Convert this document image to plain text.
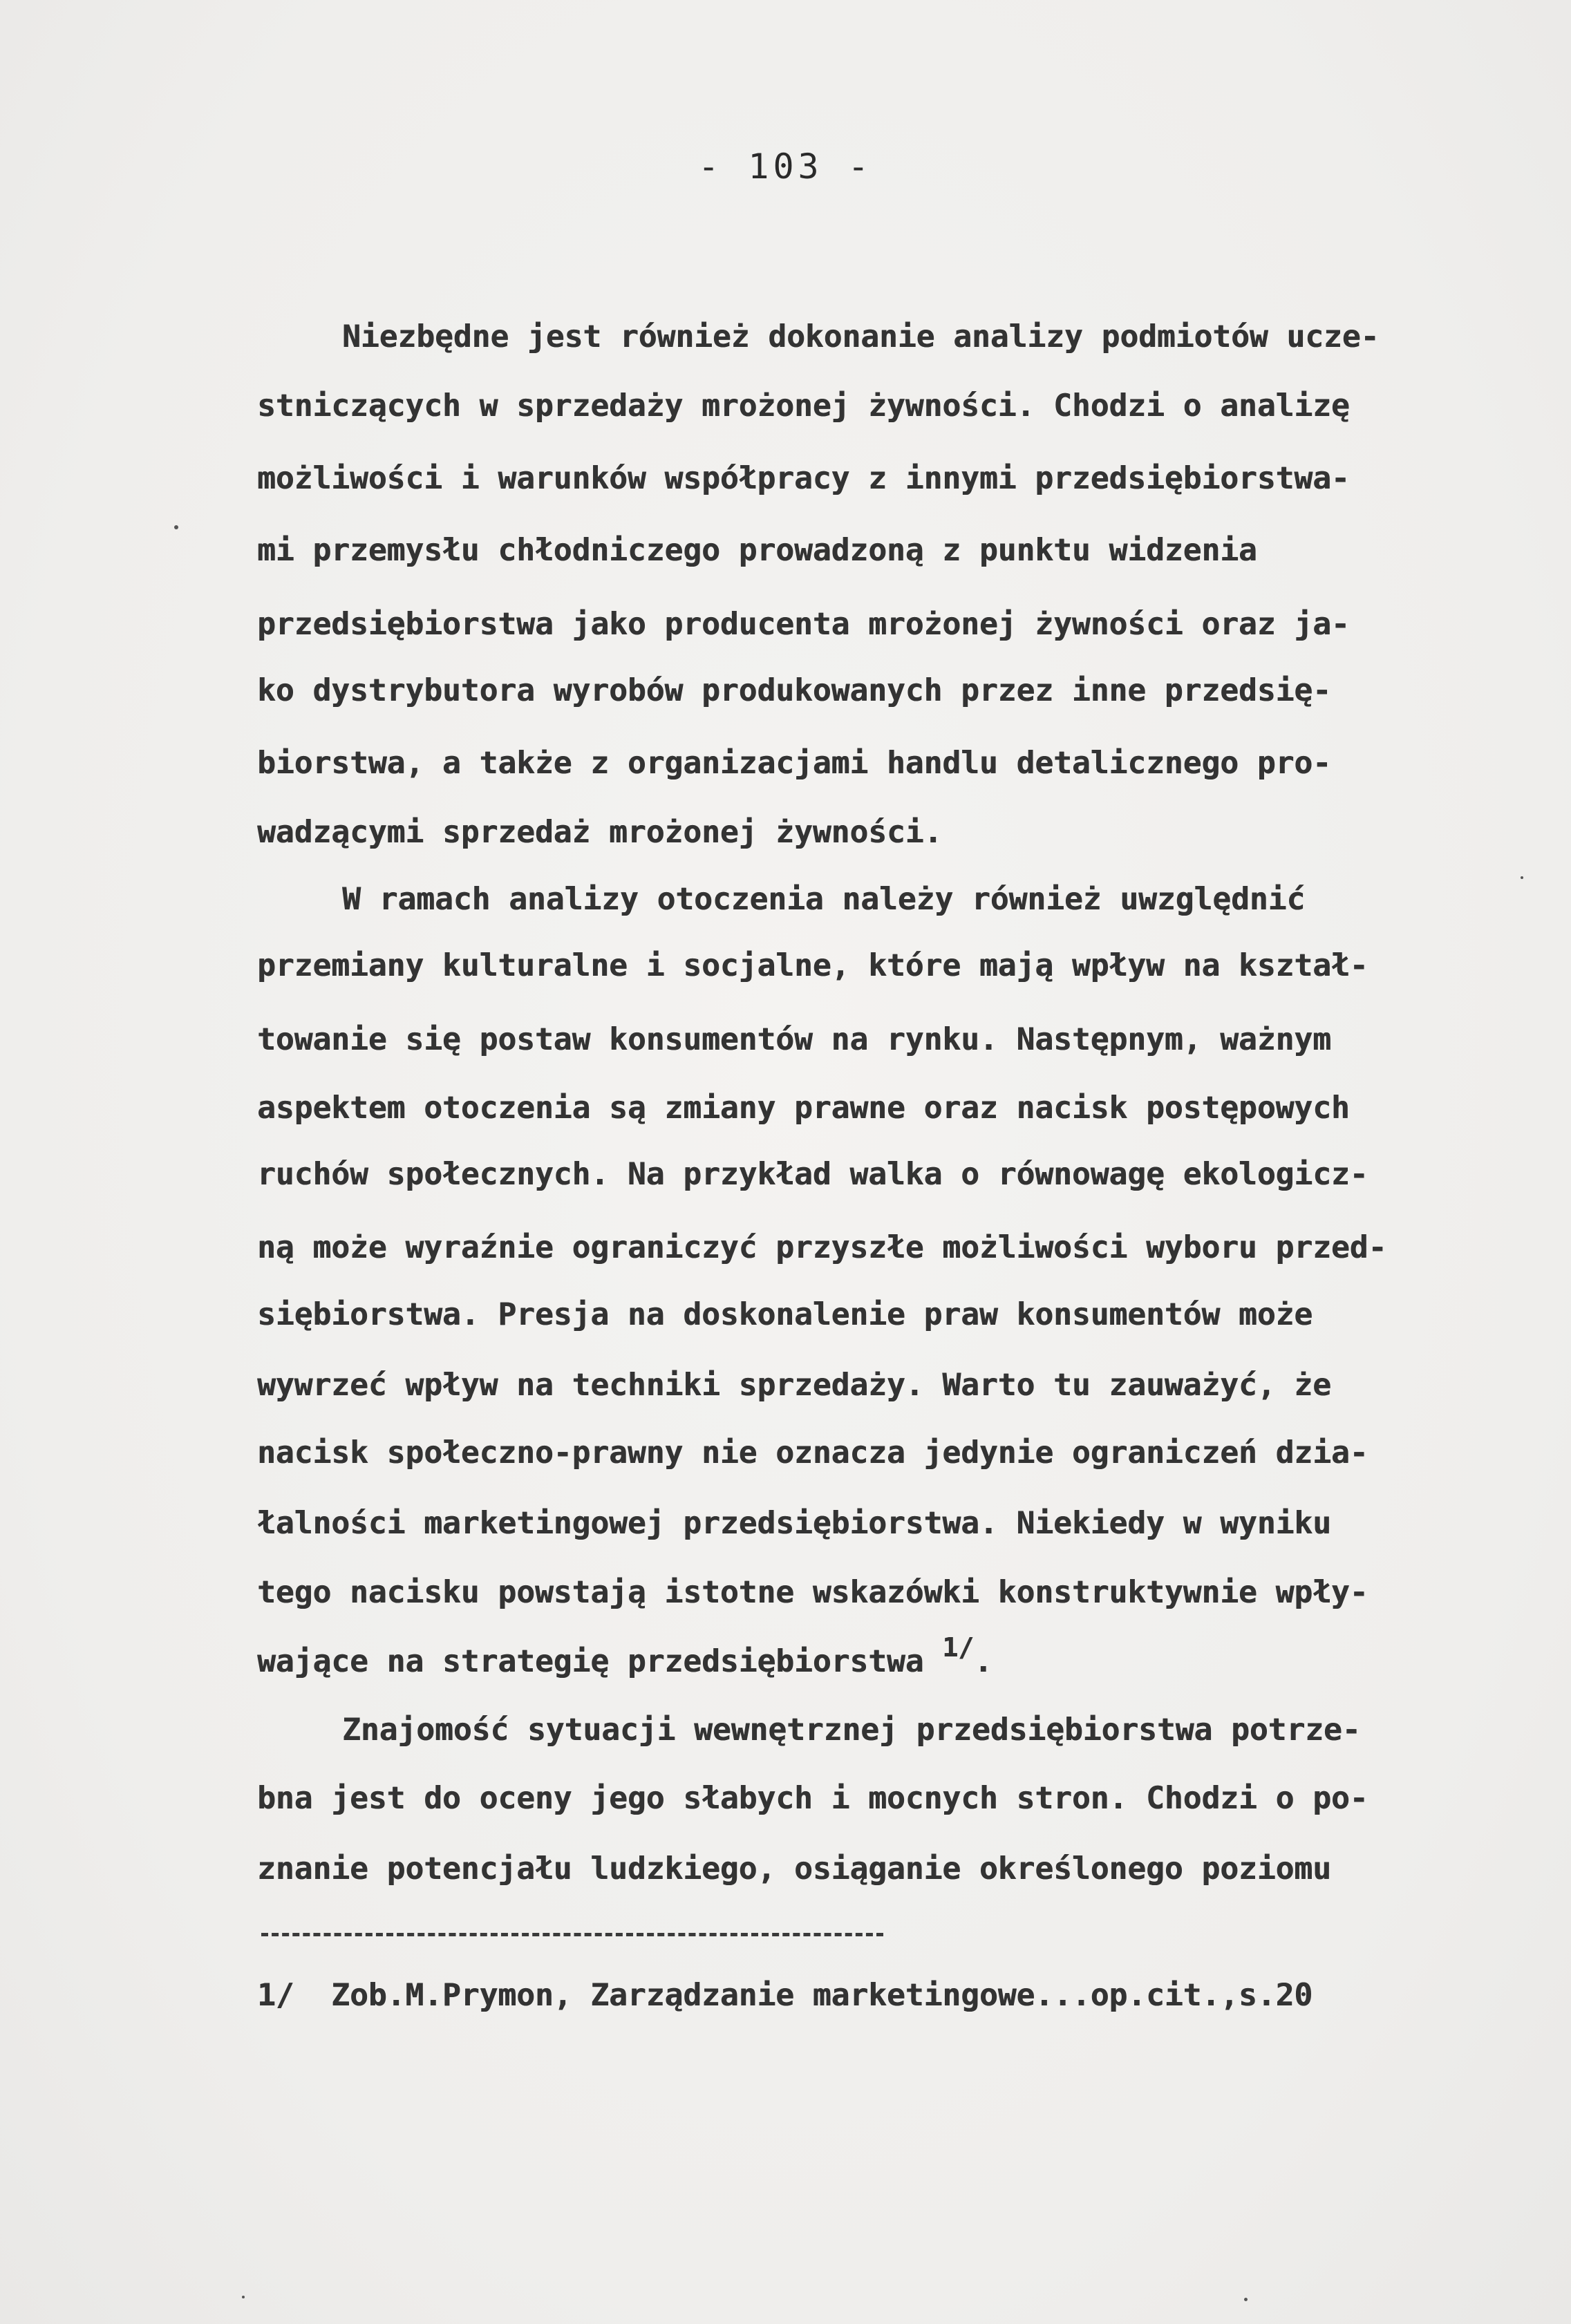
- 103 -
Niezbędne jest również dokonanie analizy podmiotów ucze-
stniczących w sprzedaży mrożonej żywności. Chodzi o analizę
możliwości i warunków współpracy z innymi przedsiębiorstwa-
mi przemysłu chłodniczego prowadzoną z punktu widzenia
przedsiębiorstwa jako producenta mrożonej żywności oraz ja-
ko dystrybutora wyrobów produkowanych przez inne przedsię-
biorstwa, a także z organizacjami handlu detalicznego pro-
wadzącymi sprzedaż mrożonej żywności.
W ramach analizy otoczenia należy również uwzględnić
przemiany kulturalne i socjalne, które mają wpływ na kształ-
towanie się postaw konsumentów na rynku. Następnym, ważnym
aspektem otoczenia są zmiany prawne oraz nacisk postępowych
ruchów społecznych. Na przykład walka o równowagę ekologicz-
ną może wyraźnie ograniczyć przyszłe możliwości wyboru przed-
siębiorstwa. Presja na doskonalenie praw konsumentów może
wywrzeć wpływ na techniki sprzedaży. Warto tu zauważyć, że
nacisk społeczno-prawny nie oznacza jedynie ograniczeń dzia-
łalności marketingowej przedsiębiorstwa. Niekiedy w wyniku
tego nacisku powstają istotne wskazówki konstruktywnie wpły-
wające na strategię przedsiębiorstwa $^{1/}$.
Znajomość sytuacji wewnętrznej przedsiębiorstwa potrze-
bna jest do oceny jego słabych i mocnych stron. Chodzi o po-
znanie potencjału ludzkiego, osiąganie określonego poziomu
1/  Zob.M.Prymon, Zarządzanie marketingowe...op.cit.,s.20
